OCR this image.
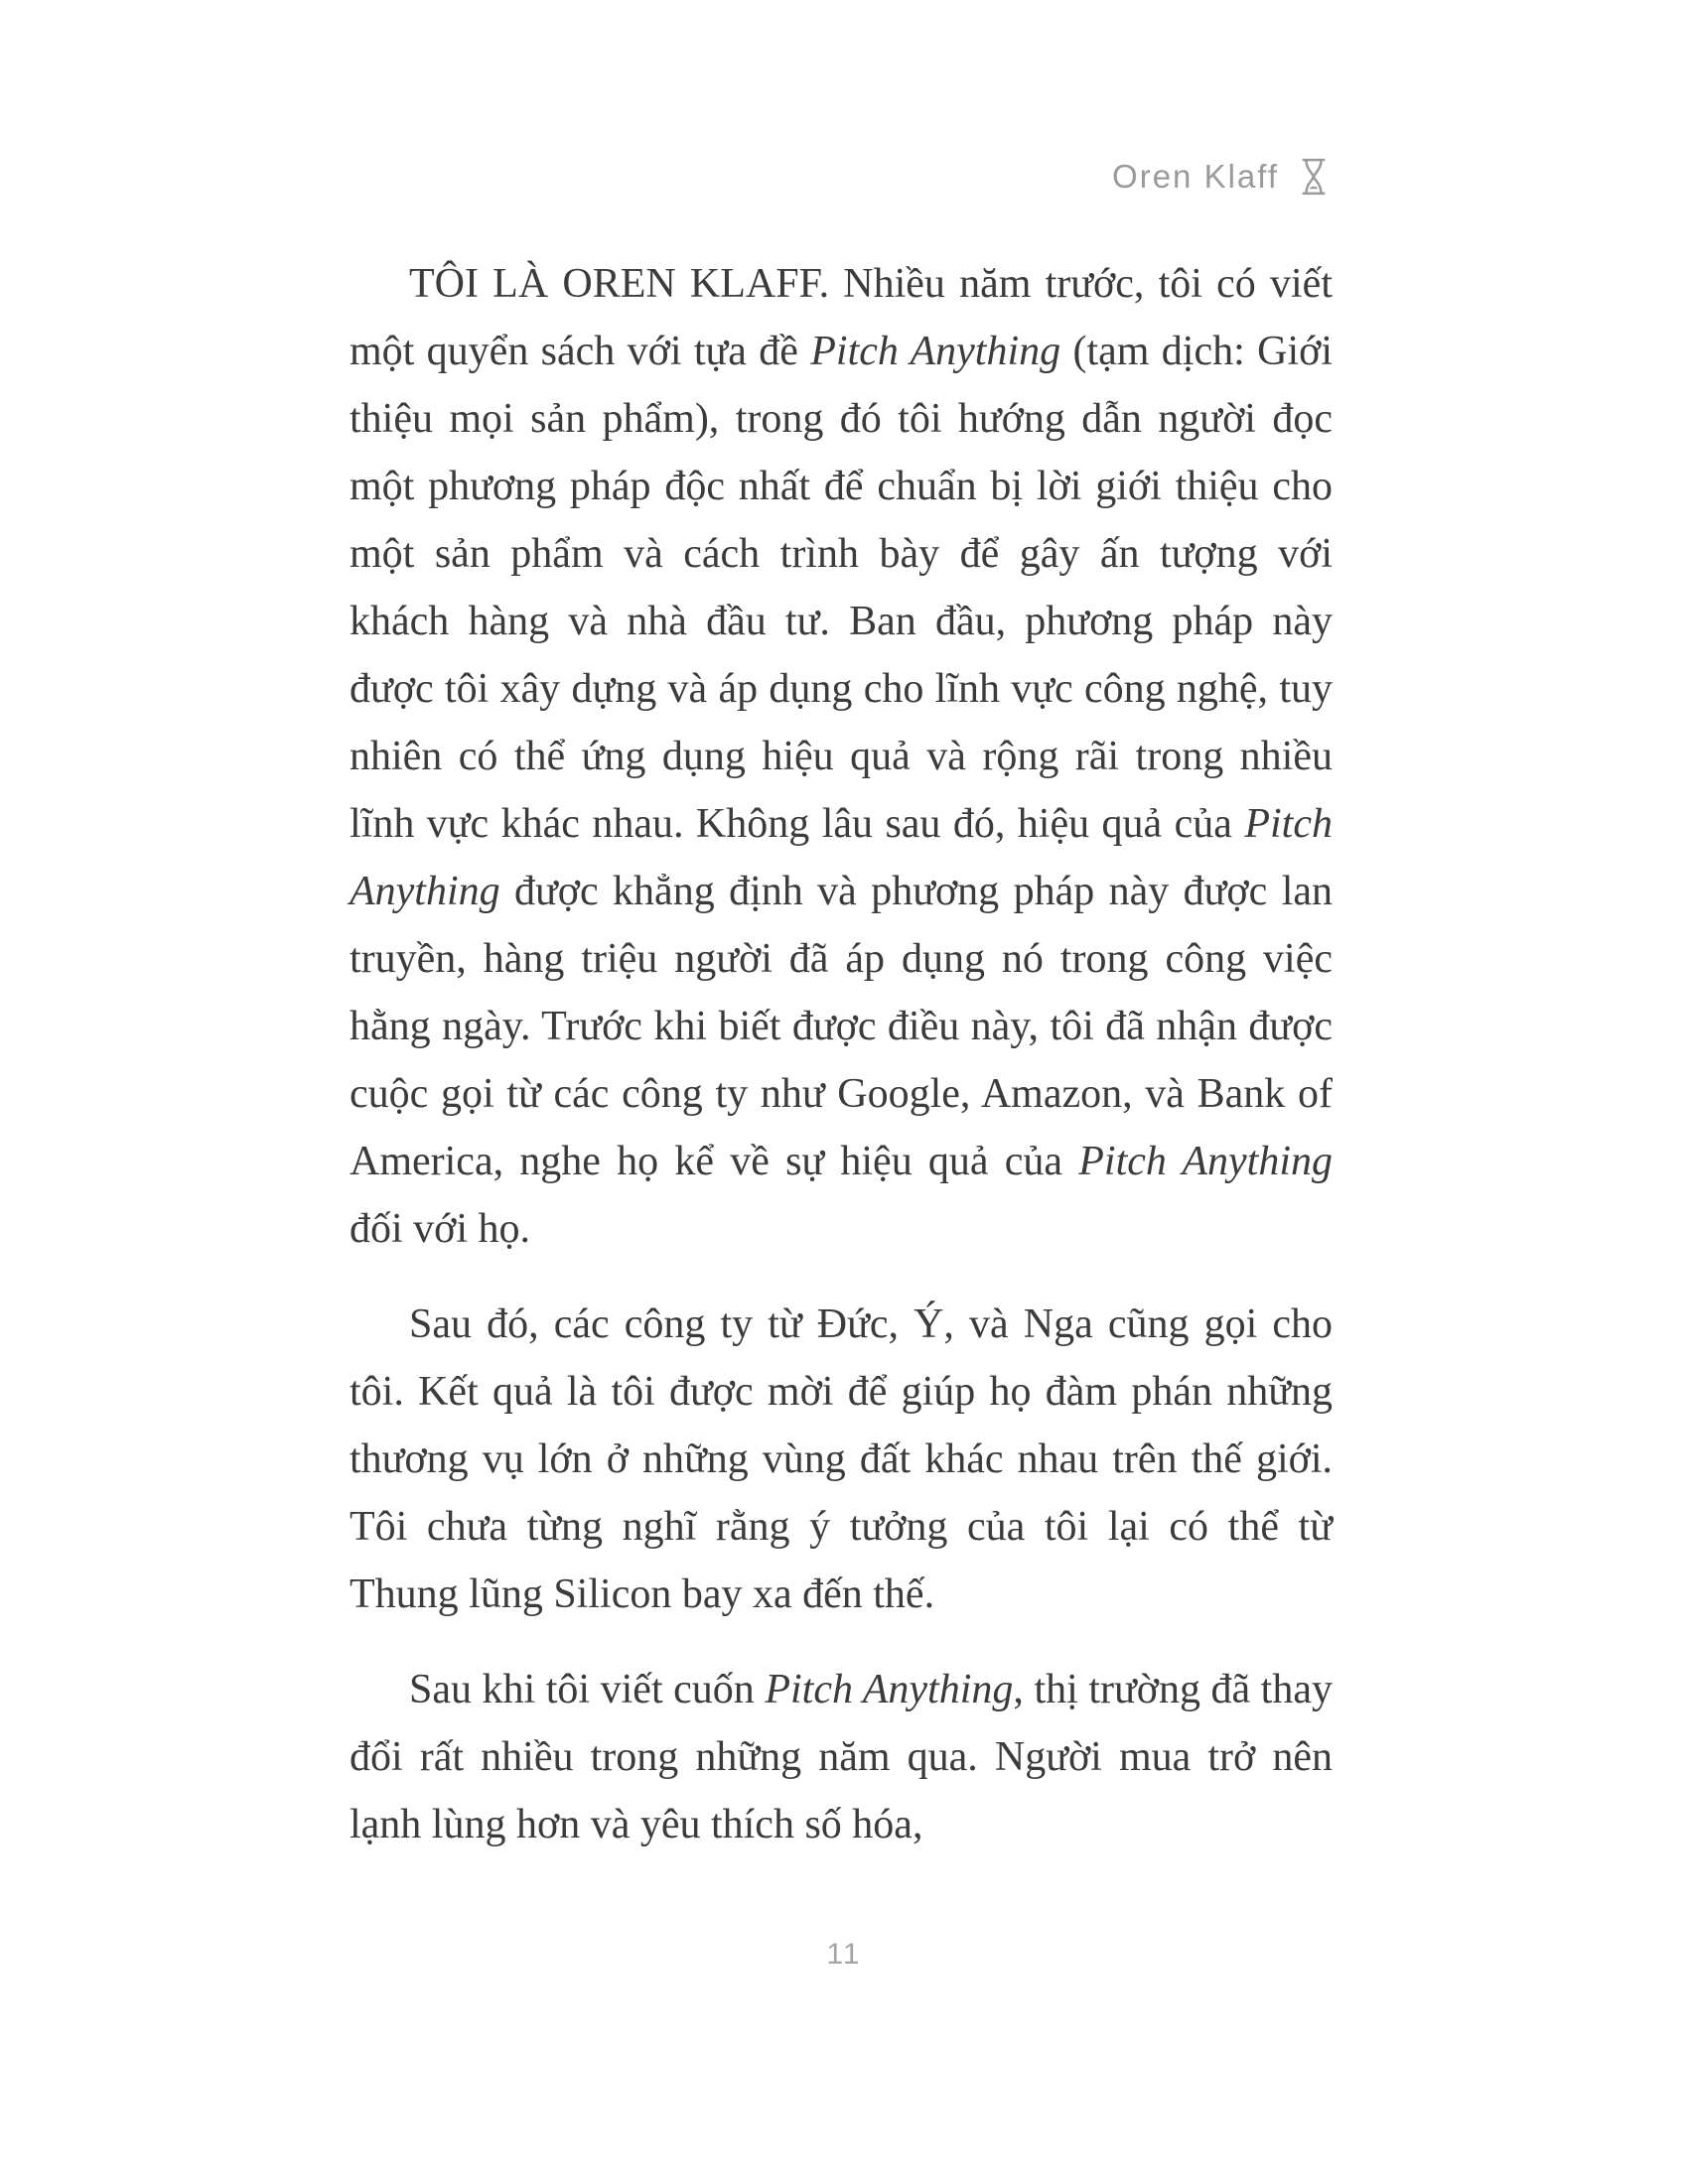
Oren Klaff

TÔI LÀ OREN KLAFF. Nhiều năm trước, tôi có viết một quyển sách với tựa đề Pitch Anything (tạm dịch: Giới thiệu mọi sản phẩm), trong đó tôi hướng dẫn người đọc một phương pháp độc nhất để chuẩn bị lời giới thiệu cho một sản phẩm và cách trình bày để gây ấn tượng với khách hàng và nhà đầu tư. Ban đầu, phương pháp này được tôi xây dựng và áp dụng cho lĩnh vực công nghệ, tuy nhiên có thể ứng dụng hiệu quả và rộng rãi trong nhiều lĩnh vực khác nhau. Không lâu sau đó, hiệu quả của Pitch Anything được khẳng định và phương pháp này được lan truyền, hàng triệu người đã áp dụng nó trong công việc hằng ngày. Trước khi biết được điều này, tôi đã nhận được cuộc gọi từ các công ty như Google, Amazon, và Bank of America, nghe họ kể về sự hiệu quả của Pitch Anything đối với họ.

Sau đó, các công ty từ Đức, Ý, và Nga cũng gọi cho tôi. Kết quả là tôi được mời để giúp họ đàm phán những thương vụ lớn ở những vùng đất khác nhau trên thế giới. Tôi chưa từng nghĩ rằng ý tưởng của tôi lại có thể từ Thung lũng Silicon bay xa đến thế.

Sau khi tôi viết cuốn Pitch Anything, thị trường đã thay đổi rất nhiều trong những năm qua. Người mua trở nên lạnh lùng hơn và yêu thích số hóa,

11
